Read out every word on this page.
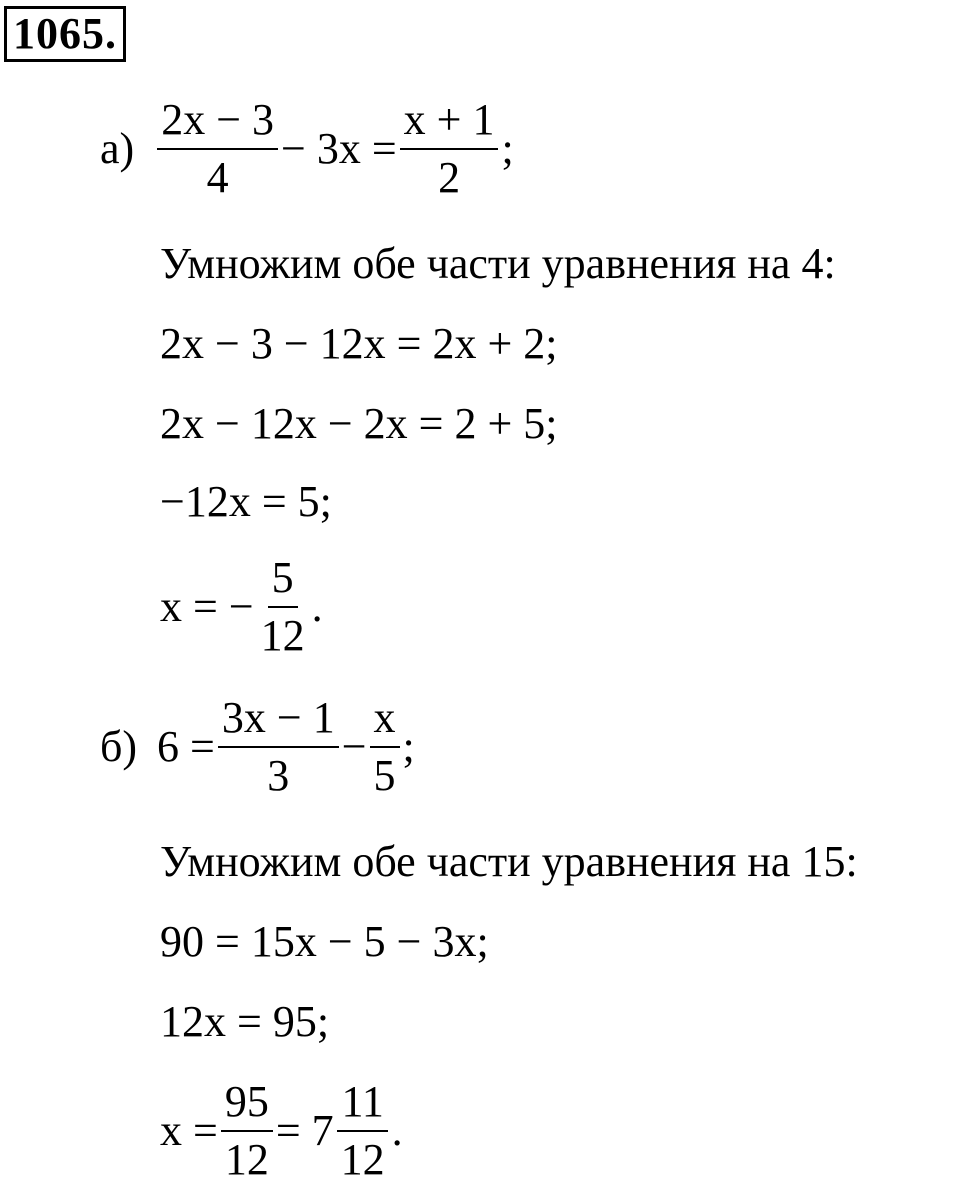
1065.
$а) \frac{2x - 3}{4} - 3x = \frac{x + 1}{2}$ ;
Умножим обе части уравнения на 4:
2x − 3 − 12x = 2x + 2;
2x − 12x − 2x = 2 + 5;
−12x = 5;
x = − $\frac{5}{12}$ .
б) $6 = \frac{3x - 1}{3} - \frac{x}{5}$ ;
Умножим обе части уравнения на 15:
90 = 15x − 5 − 3x;
12x = 95;
$x = \frac{95}{12} = 7 \frac{11}{12}$ .
